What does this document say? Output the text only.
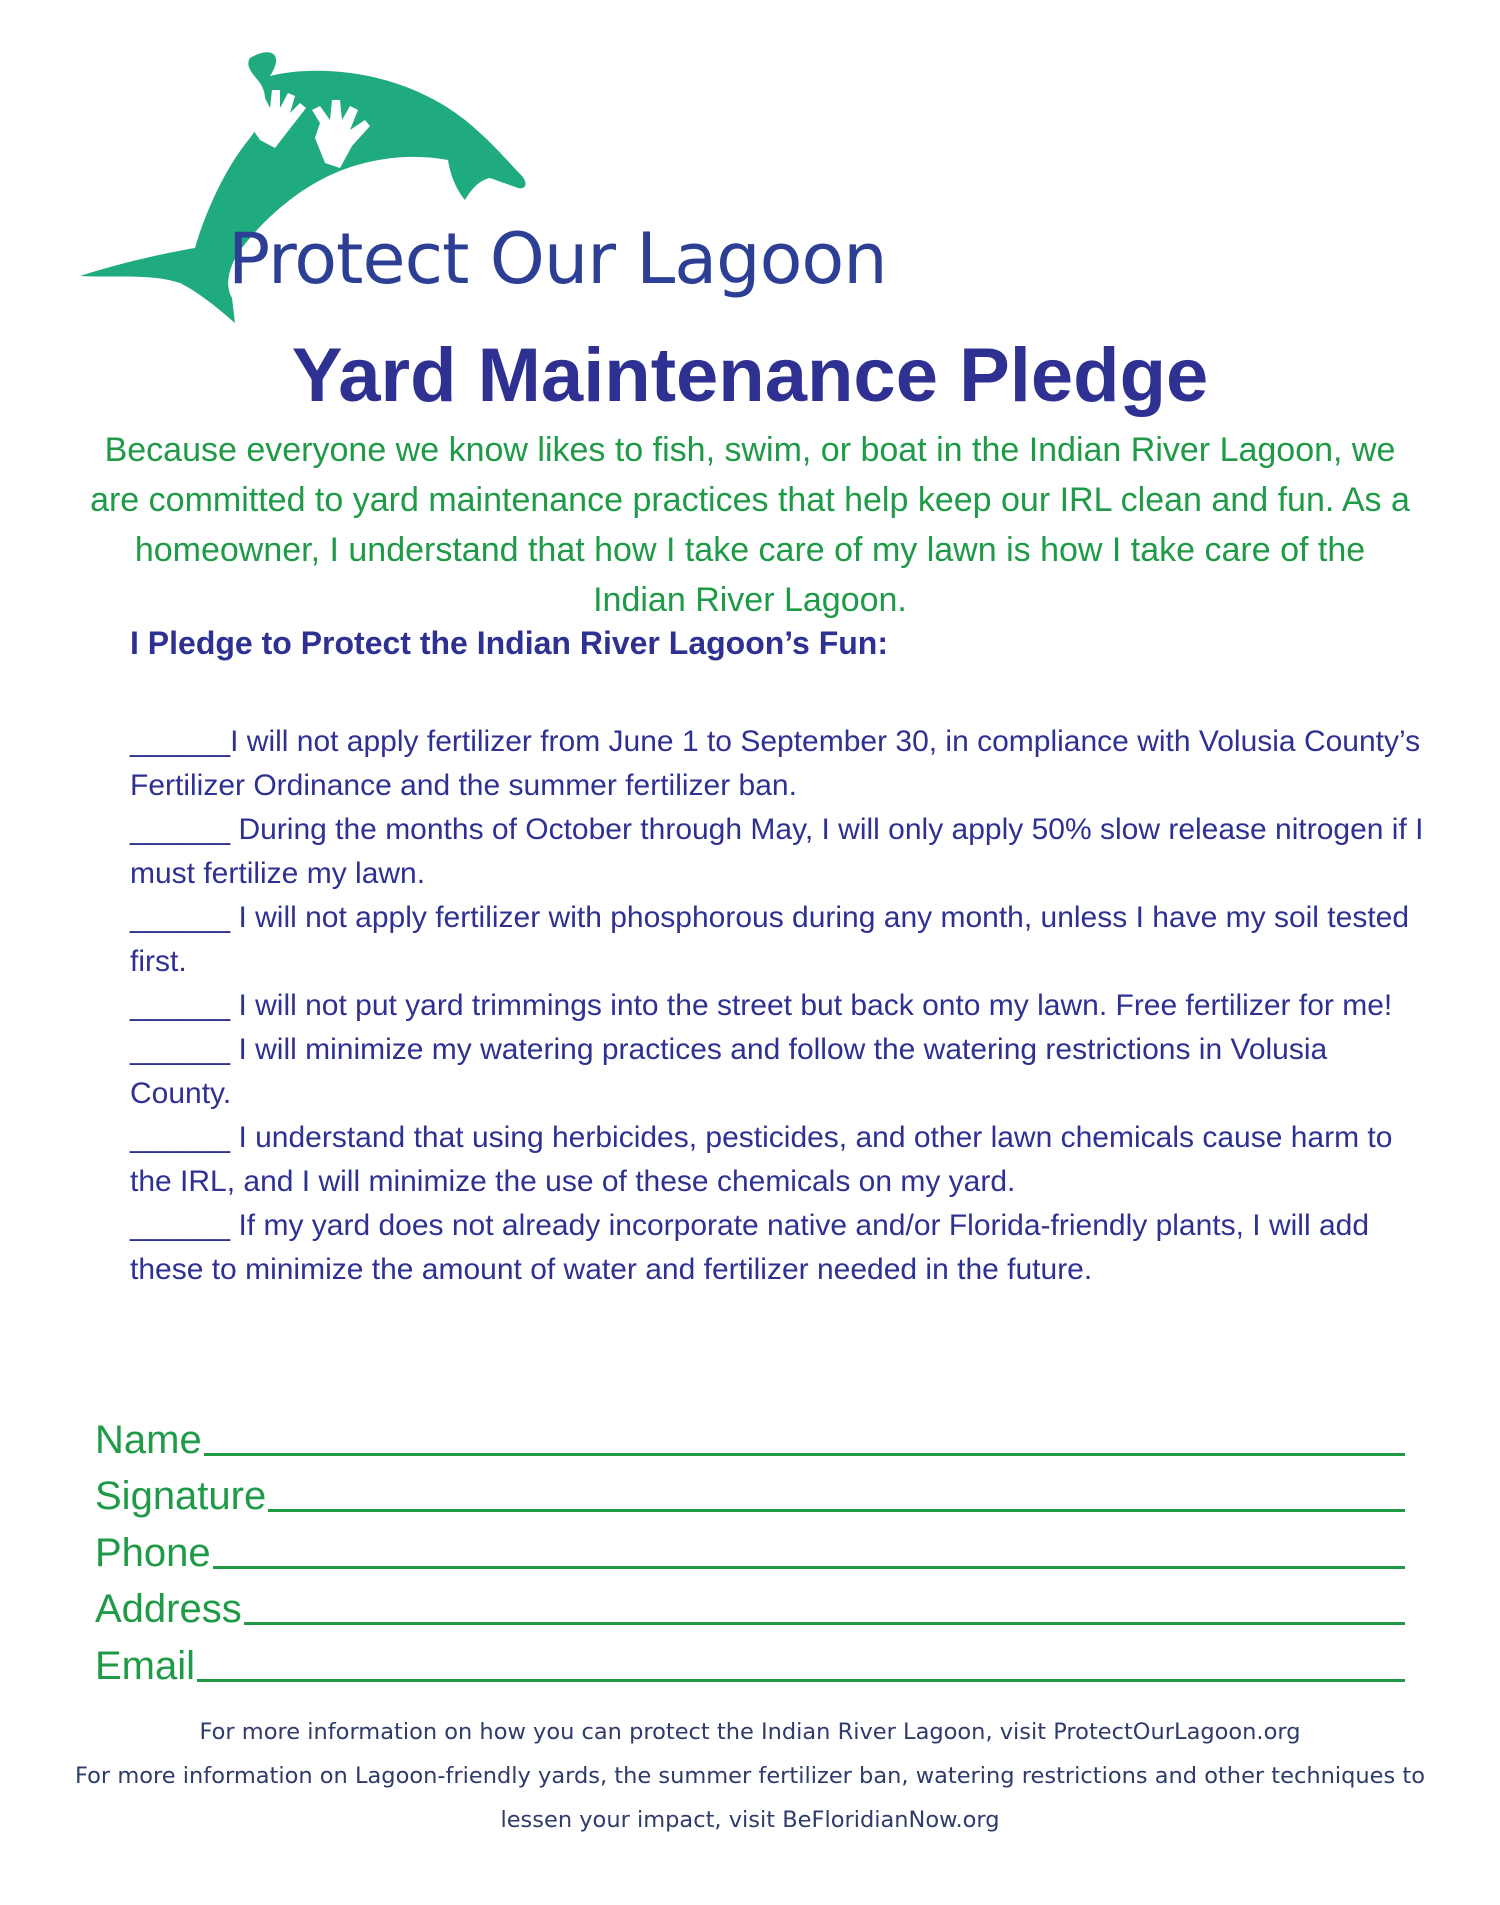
Protect Our Lagoon
Yard Maintenance Pledge
Because everyone we know likes to fish, swim, or boat in the Indian River Lagoon, we are committed to yard maintenance practices that help keep our IRL clean and fun. As a homeowner, I understand that how I take care of my lawn is how I take care of the Indian River Lagoon.
I Pledge to Protect the Indian River Lagoon’s Fun:

______I will not apply fertilizer from June 1 to September 30, in compliance with Volusia County’s Fertilizer Ordinance and the summer fertilizer ban.

______ During the months of October through May, I will only apply 50% slow release nitrogen if I must fertilize my lawn.

______ I will not apply fertilizer with phosphorous during any month, unless I have my soil tested first.

______ I will not put yard trimmings into the street but back onto my lawn. Free fertilizer for me!

______ I will minimize my watering practices and follow the watering restrictions in Volusia County.

______ I understand that using herbicides, pesticides, and other lawn chemicals cause harm to the IRL, and I will minimize the use of these chemicals on my yard.

______ If my yard does not already incorporate native and/or Florida-friendly plants, I will add these to minimize the amount of water and fertilizer needed in the future.

Name
Signature
Phone
Address
Email
For more information on how you can protect the Indian River Lagoon, visit ProtectOurLagoon.org
For more information on Lagoon-friendly yards, the summer fertilizer ban, watering restrictions and other techniques to
lessen your impact, visit BeFloridianNow.org
